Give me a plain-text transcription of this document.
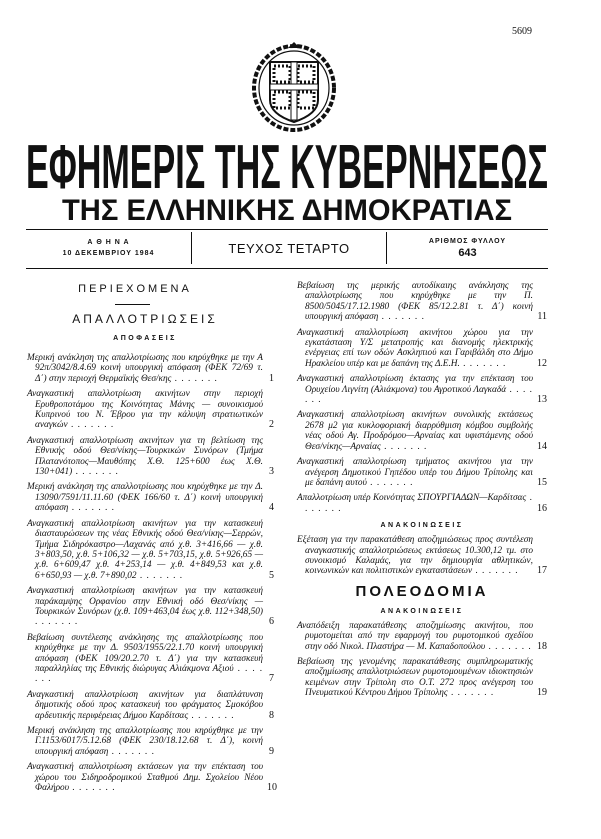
5609
ΕΦΗΜΕΡΙΣ ΤΗΣ ΚΥΒΕΡΝΗΣΕΩΣ
ΤΗΣ ΕΛΛΗΝΙΚΗΣ ΔΗΜΟΚΡΑΤΙΑΣ
Α Θ Η Ν Α
10 ΔΕΚΕΜΒΡΙΟΥ 1984	ΤΕΥΧΟΣ ΤΕΤΑΡΤΟ	ΑΡΙΘΜΟΣ ΦΥΛΛΟΥ
643
ΠΕΡΙΕΧΟΜΕΝΑ
ΑΠΑΛΛΟΤΡΙΩΣΕΙΣ
ΑΠΟΦΑΣΕΙΣ
Μερική ανάκληση της απαλλοτρίωσης που κηρύχθηκε με την Α 92π/3042/8.4.69 κοινή υπουργική απόφαση (ΦΕΚ 72/69 τ. Δ΄) στην περιοχή Θερμαϊκής Θεσ/κης . . . . . . .	1
Αναγκαστική απαλλοτρίωση ακινήτων στην περιοχή Ερυθροποτάμου της Κοινότητας Μάνης — συνοικισμού Κυπρινού του Ν. Έβρου για την κάλυψη στρατιωτικών αναγκών . . . . . . .	2
Αναγκαστική απαλλοτρίωση ακινήτων για τη βελτίωση της Εθνικής οδού Θεσ/νίκης—Τουρκικών Συνόρων (Τμήμα Πλατανότοπος—Μαυθόπης Χ.Θ. 125+600 έως Χ.Θ. 130+041) . . . . . . .	3
Μερική ανάκληση της απαλλοτρίωσης που κηρύχθηκε με την Δ. 13090/7591/11.11.60 (ΦΕΚ 166/60 τ. Δ΄) κοινή υπουργική απόφαση . . . . . . .	4
Αναγκαστική απαλλοτρίωση ακινήτων για την κατασκευή διασταυρώσεων της νέας Εθνικής οδού Θεσ/νίκης—Σερρών, Τμήμα Σιδηρόκαστρο—Λαχανάς από χ.θ. 3+416,66 — χ.θ. 3+803,50, χ.θ. 5+106,32 — χ.θ. 5+703,15, χ.θ. 5+926,65 — χ.θ. 6+609,47 χ.θ. 4+253,14 — χ.θ. 4+849,53 και χ.θ. 6+650,93 — χ.θ. 7+890,02 . . . . . . .	5
Αναγκαστική απαλλοτρίωση ακινήτων για την κατασκευή παράκαμψης Ορφανίου στην Εθνική οδό Θεσ/νίκης — Τουρκικών Συνόρων (χ.θ. 109+463,04 έως χ.θ. 112+348,50) . . . . . . .	6
Βεβαίωση συντέλεσης ανάκλησης της απαλλοτρίωσης που κηρύχθηκε με την Δ. 9503/1955/22.1.70 κοινή υπουργική απόφαση (ΦΕΚ 109/20.2.70 τ. Δ΄) για την κατασκευή παραλληλίας της Εθνικής διώρυγας Αλιάκμονα Αξιού . . . . . . .	7
Αναγκαστική απαλλοτρίωση ακινήτων για διαπλάτυνση δημοτικής οδού προς κατασκευή του φράγματος Σμοκόβου αρδευτικής περιφέρειας Δήμου Καρδίτσας . . . . . . .	8
Μερική ανάκληση της απαλλοτρίωσης που κηρύχθηκε με την Γ.1153/6017/5.12.68 (ΦΕΚ 230/18.12.68 τ. Δ΄), κοινή υπουργική απόφαση . . . . . . .	9
Αναγκαστική απαλλοτρίωση εκτάσεων για την επέκταση του χώρου του Σιδηροδρομικού Σταθμού Δημ. Σχολείου Νέου Φαλήρου . . . . . . .	10
Βεβαίωση της μερικής αυτοδίκαιης ανάκλησης της απαλλοτρίωσης που κηρύχθηκε με την Π. 8500/5045/17.12.1980 (ΦΕΚ 85/12.2.81 τ. Δ΄) κοινή υπουργική απόφαση . . . . . . .	11
Αναγκαστική απαλλοτρίωση ακινήτου χώρου για την εγκατάσταση Υ/Σ μετατροπής και διανομής ηλεκτρικής ενέργειας επί των οδών Ασκληπιού και Γαριβάλδη στο Δήμο Ηρακλείου υπέρ και με δαπάνη της Δ.Ε.Η. . . . . . . .	12
Αναγκαστική απαλλοτρίωση έκτασης για την επέκταση του Ορυχείου Λιγνίτη (Αλιάκμονα) του Αγροτικού Λαγκαδά . . . . . . .	13
Αναγκαστική απαλλοτρίωση ακινήτων συνολικής εκτάσεως 2678 μ2 για κυκλοφοριακή διαρρύθμιση κόμβου συμβολής νέας οδού Αγ. Προδρόμου—Αρναίας και υφιστάμενης οδού Θεσ/νίκης—Αρναίας . . . . . . .	14
Αναγκαστική απαλλοτρίωση τμήματος ακινήτου για την ανέγερση Δημοτικού Γηπέδου υπέρ του Δήμου Τρίπολης και με δαπάνη αυτού . . . . . . .	15
Απαλλοτρίωση υπέρ Κοινότητας ΣΠΟΥΡΓΙΑΔΩΝ—Καρδίτσας . . . . . . .	16
ΑΝΑΚΟΙΝΩΣΕΙΣ
Εξέταση για την παρακατάθεση αποζημιώσεως προς συντέλεση αναγκαστικής απαλλοτριώσεως εκτάσεως 10.300,12 τμ. στο συνοικισμό Καλαμάς, για την δημιουργία αθλητικών, κοινωνικών και πολιτιστικών εγκαταστάσεων . . . . . . . 17
ΠΟΛΕΟΔΟΜΙΑ
ΑΝΑΚΟΙΝΩΣΕΙΣ
Αναπόδειξη παρακατάθεσης αποζημίωσης ακινήτου, που ρυμοτομείται από την εφαρμογή του ρυμοτομικού σχεδίου στην οδό Νικολ. Πλαστήρα — Μ. Καπαδοπούλου . . . . . . . 18
Βεβαίωση της γενομένης παρακατάθεσης συμπληρωματικής αποζημίωσης απαλλοτριώσεων ρυμοτομουμένων ιδιοκτησιών κειμένων στην Τρίπολη στο Ο.Τ. 272 προς ανέγερση του Πνευματικού Κέντρου Δήμου Τρίπολης . . . . . . .	19
